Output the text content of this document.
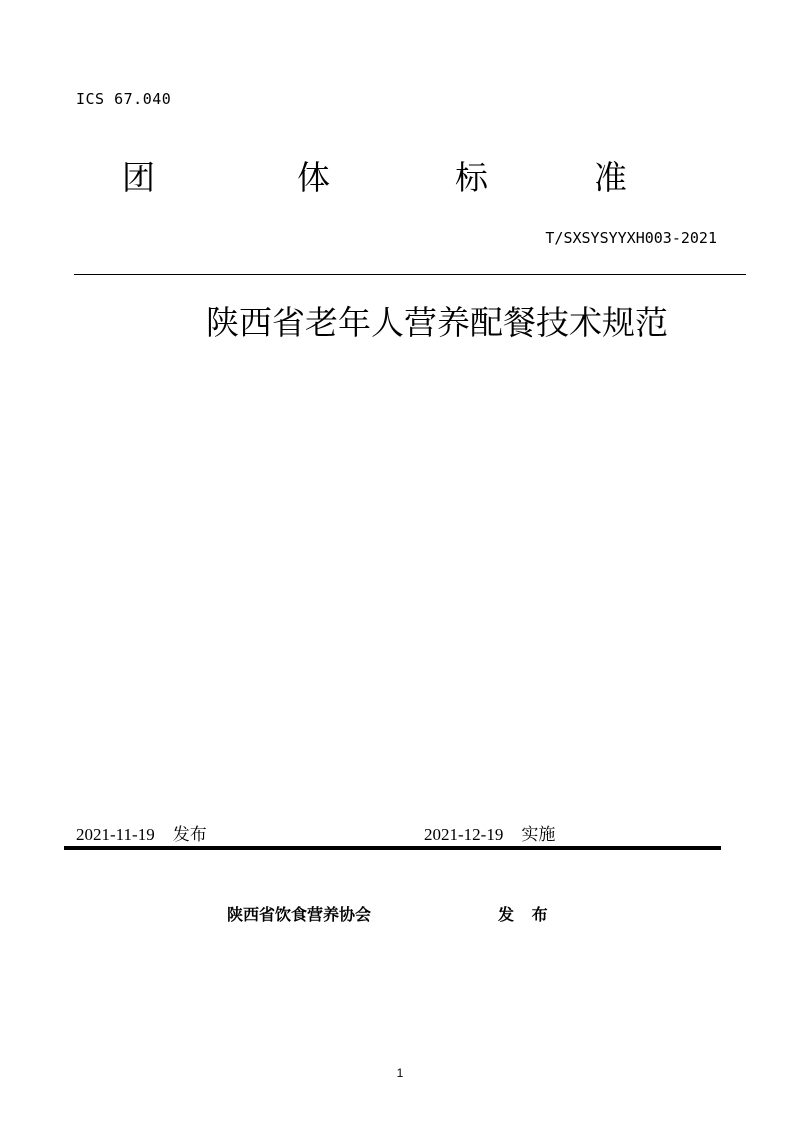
ICS 67.040
团	体	标	准
T/SXSYSYYXH003-2021
陕西省老年人营养配餐技术规范
2021-11-19 发布	2021-12-19 实施
陕西省饮食营养协会	发 布
1
